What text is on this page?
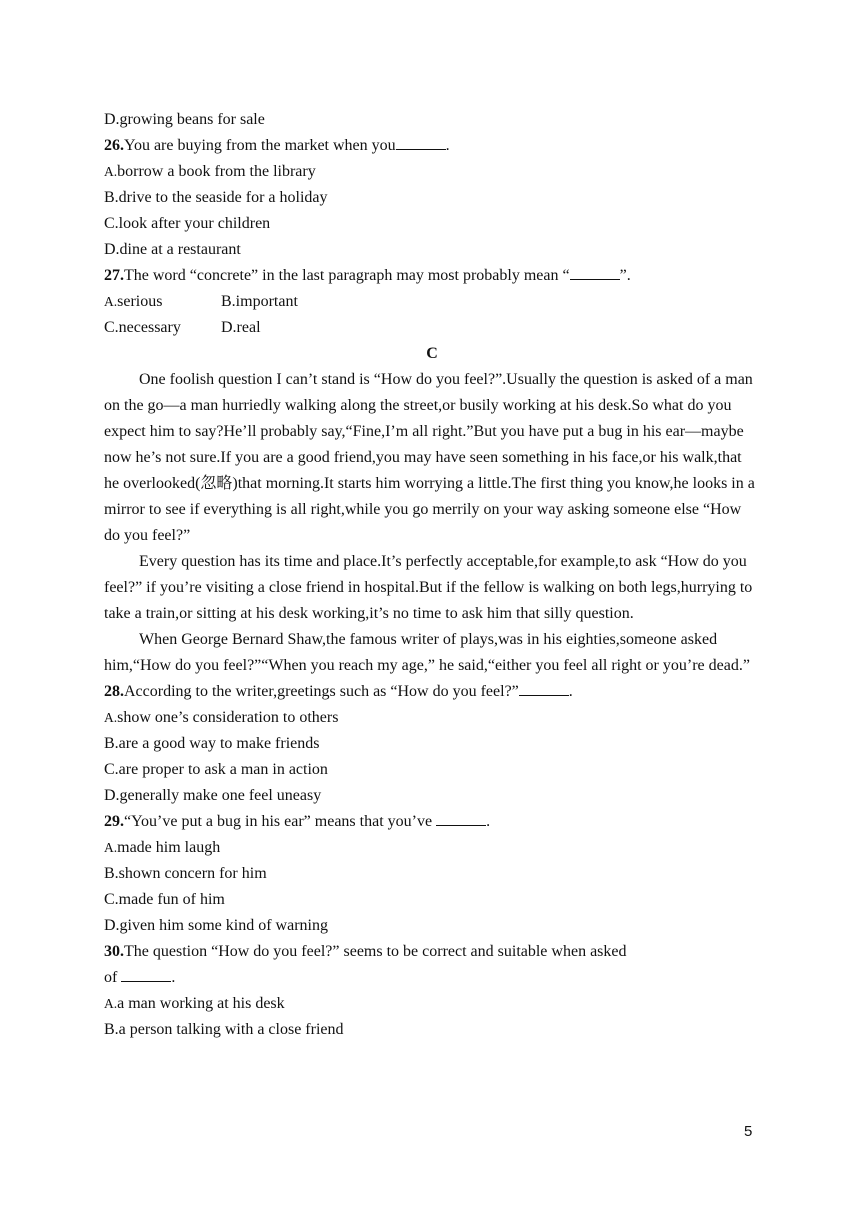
D.growing beans for sale
26.You are buying from the market when you	.
A.borrow a book from the library
B.drive to the seaside for a holiday
C.look after your children
D.dine at a restaurant
27.The word “concrete” in the last paragraph may most probably mean “	”.
A.serious	B.important
C.necessary	D.real
C

One foolish question I can’t stand is “How do you feel?”.Usually the question is asked of a man on the go—a man hurriedly walking along the street,or busily working at his desk.So what do you expect him to say?He’ll probably say,“Fine,I’m all right.”But you have put a bug in his ear—maybe now he’s not sure.If you are a good friend,you may have seen something in his face,or his walk,that he overlooked(忽略)that morning.It starts him worrying a little.The first thing you know,he looks in a mirror to see if everything is all right,while you go merrily on your way asking someone else “How do you feel?”

Every question has its time and place.It’s perfectly acceptable,for example,to ask “How do you feel?” if you’re visiting a close friend in hospital.But if the fellow is walking on both legs,hurrying to take a train,or sitting at his desk working,it’s no time to ask him that silly question.

When George Bernard Shaw,the famous writer of plays,was in his eighties,someone asked him,“How do you feel?”“When you reach my age,” he said,“either you feel all right or you’re dead.”

28.According to the writer,greetings such as “How do you feel?”	.
A.show one’s consideration to others
B.are a good way to make friends
C.are proper to ask a man in action
D.generally make one feel uneasy
29.“You’ve put a bug in his ear” means that you’ve	.
A.made him laugh
B.shown concern for him
C.made fun of him
D.given him some kind of warning
30.The question “How do you feel?” seems to be correct and suitable when asked
of	.
A.a man working at his desk
B.a person talking with a close friend
5
